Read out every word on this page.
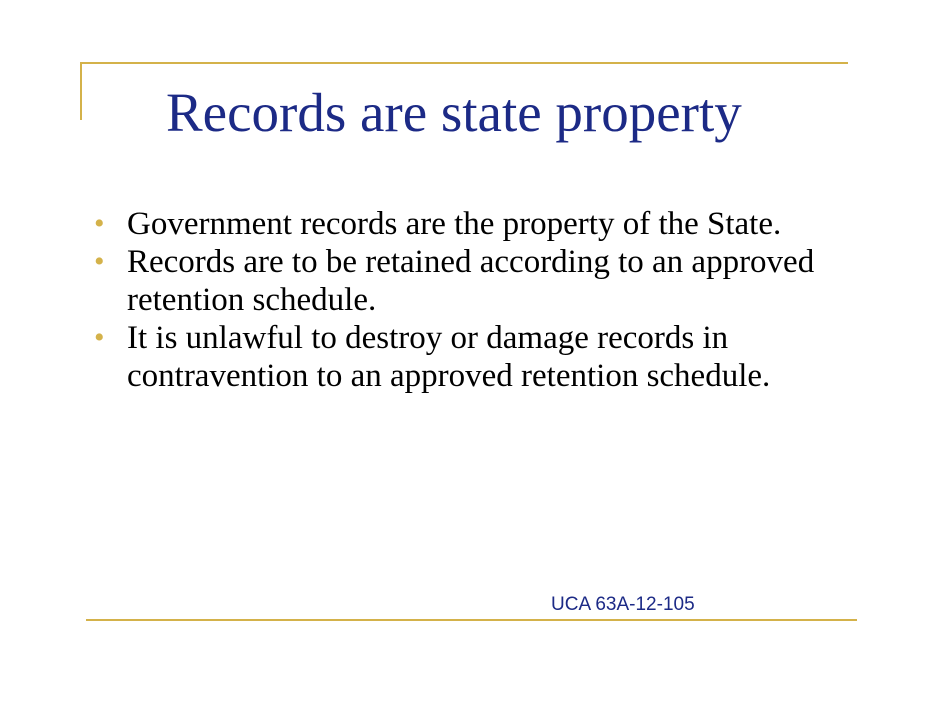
Records are state property
• Government records are the property of the State.
• Records are to be retained according to an approved retention schedule.
• It is unlawful to destroy or damage records in contravention to an approved retention schedule.
UCA 63A-12-105
